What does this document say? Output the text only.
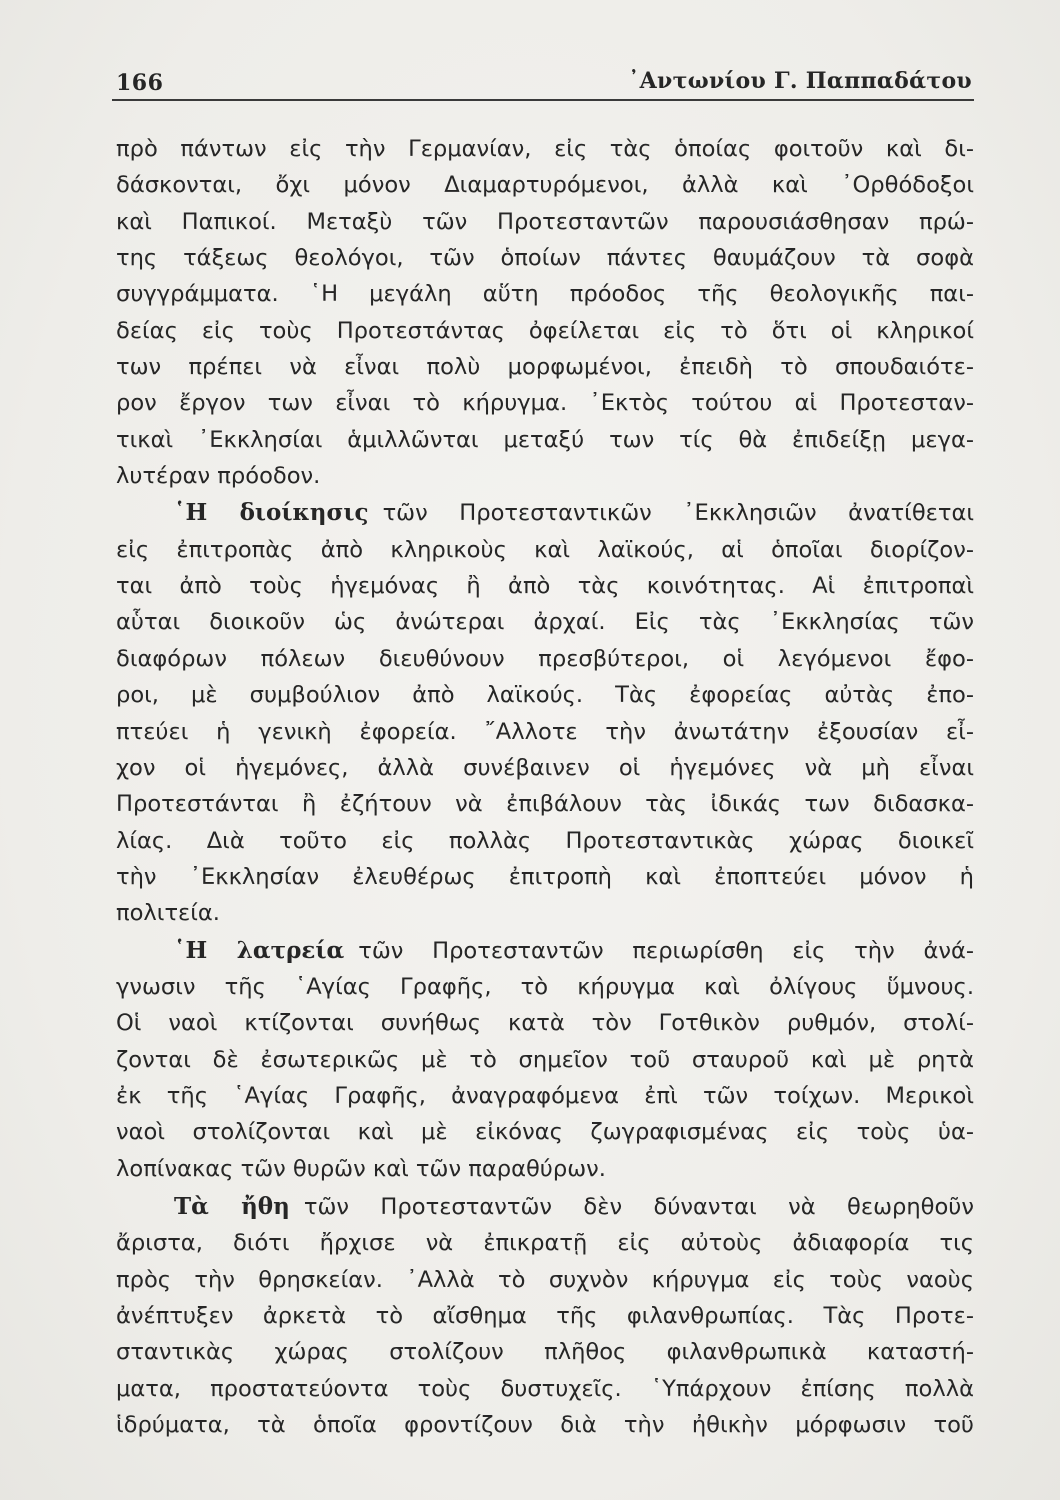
166	᾿Αντωνίου Γ. Παππαδάτου
πρὸ πάντων εἰς τὴν Γερμανίαν, εἰς τὰς ὁποίας φοιτοῦν καὶ δι-
δάσκονται, ὄχι μόνον Διαμαρτυρόμενοι, ἀλλὰ καὶ ᾿Ορθόδοξοι
καὶ Παπικοί. Μεταξὺ τῶν Προτεσταντῶν παρουσιάσθησαν πρώ-
της τάξεως θεολόγοι, τῶν ὁποίων πάντες θαυμάζουν τὰ σοφὰ
συγγράμματα. ῾Η μεγάλη αὕτη πρόοδος τῆς θεολογικῆς παι-
δείας εἰς τοὺς Προτεστάντας ὀφείλεται εἰς τὸ ὅτι οἱ κληρικοί
των πρέπει νὰ εἶναι πολὺ μορφωμένοι, ἐπειδὴ τὸ σπουδαιότε-
ρον ἔργον των εἶναι τὸ κήρυγμα. ᾿Εκτὸς τούτου αἱ Προτεσταν-
τικαὶ ᾿Εκκλησίαι ἁμιλλῶνται μεταξύ των τίς θὰ ἐπιδείξῃ μεγα-
λυτέραν πρόοδον.
῾Η διοίκησις τῶν Προτεσταντικῶν ᾿Εκκλησιῶν ἀνατίθεται
εἰς ἐπιτροπὰς ἀπὸ κληρικοὺς καὶ λαϊκούς, αἱ ὁποῖαι διορίζον-
ται ἀπὸ τοὺς ἡγεμόνας ἢ ἀπὸ τὰς κοινότητας. Αἱ ἐπιτροπαὶ
αὗται διοικοῦν ὡς ἀνώτεραι ἀρχαί. Εἰς τὰς ᾿Εκκλησίας τῶν
διαφόρων πόλεων διευθύνουν πρεσβύτεροι, οἱ λεγόμενοι ἔφο-
ροι, μὲ συμβούλιον ἀπὸ λαϊκούς. Τὰς ἐφορείας αὐτὰς ἐπο-
πτεύει ἡ γενικὴ ἐφορεία. ῎Αλλοτε τὴν ἀνωτάτην ἐξουσίαν εἶ-
χον οἱ ἡγεμόνες, ἀλλὰ συνέβαινεν οἱ ἡγεμόνες νὰ μὴ εἶναι
Προτεστάνται ἢ ἐζήτουν νὰ ἐπιβάλουν τὰς ἰδικάς των διδασκα-
λίας. Διὰ τοῦτο εἰς πολλὰς Προτεσταντικὰς χώρας διοικεῖ
τὴν ᾿Εκκλησίαν ἐλευθέρως ἐπιτροπὴ καὶ ἐποπτεύει μόνον ἡ
πολιτεία.
῾Η λατρεία τῶν Προτεσταντῶν περιωρίσθη εἰς τὴν ἀνά-
γνωσιν τῆς ῾Αγίας Γραφῆς, τὸ κήρυγμα καὶ ὀλίγους ὕμνους.
Οἱ ναοὶ κτίζονται συνήθως κατὰ τὸν Γοτθικὸν ρυθμόν, στολί-
ζονται δὲ ἐσωτερικῶς μὲ τὸ σημεῖον τοῦ σταυροῦ καὶ μὲ ρητὰ
ἐκ τῆς ῾Αγίας Γραφῆς, ἀναγραφόμενα ἐπὶ τῶν τοίχων. Μερικοὶ
ναοὶ στολίζονται καὶ μὲ εἰκόνας ζωγραφισμένας εἰς τοὺς ὑα-
λοπίνακας τῶν θυρῶν καὶ τῶν παραθύρων.
Τὰ ἤθη τῶν Προτεσταντῶν δὲν δύνανται νὰ θεωρηθοῦν
ἄριστα, διότι ἤρχισε νὰ ἐπικρατῇ εἰς αὐτοὺς ἀδιαφορία τις
πρὸς τὴν θρησκείαν. ᾿Αλλὰ τὸ συχνὸν κήρυγμα εἰς τοὺς ναοὺς
ἀνέπτυξεν ἀρκετὰ τὸ αἴσθημα τῆς φιλανθρωπίας. Τὰς Προτε-
σταντικὰς χώρας στολίζουν πλῆθος φιλανθρωπικὰ καταστή-
ματα, προστατεύοντα τοὺς δυστυχεῖς. ῾Υπάρχουν ἐπίσης πολλὰ
ἱδρύματα, τὰ ὁποῖα φροντίζουν διὰ τὴν ἠθικὴν μόρφωσιν τοῦ
